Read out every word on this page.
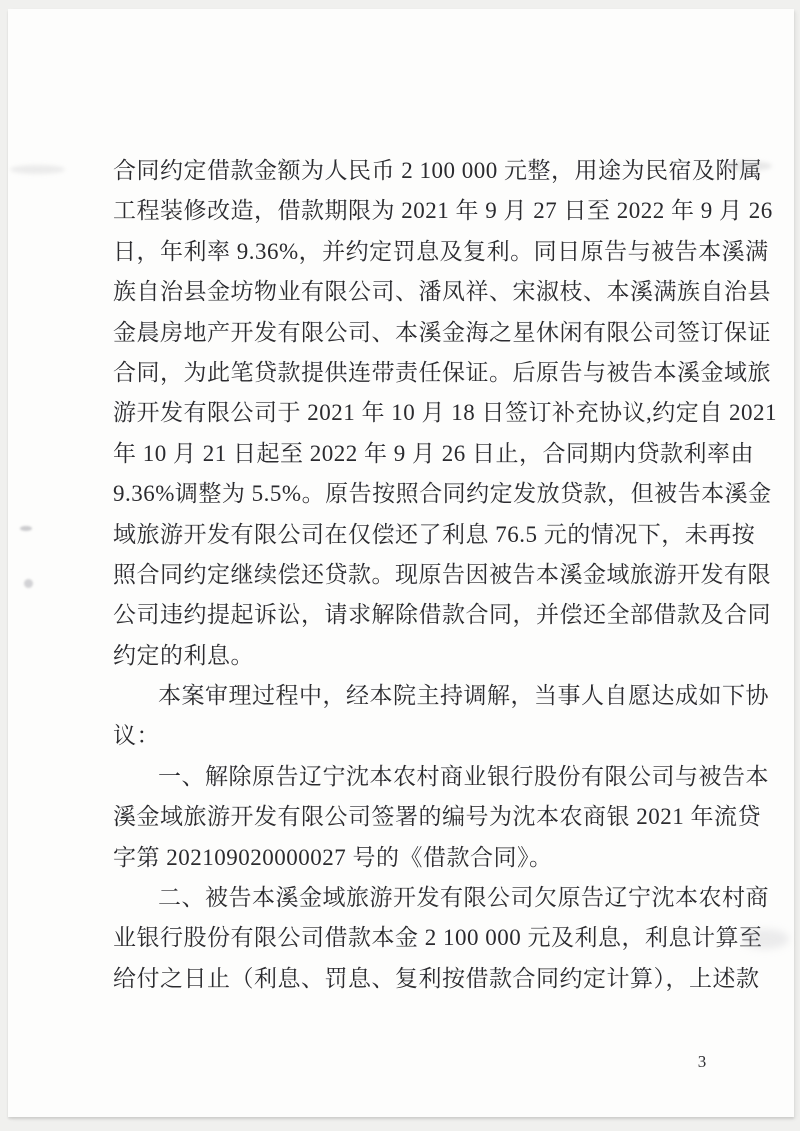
合同约定借款金额为人民币 2 100 000 元整，用途为民宿及附属

工程装修改造，借款期限为 2021 年 9 月 27 日至 2022 年 9 月 26

日，年利率 9.36%，并约定罚息及复利。同日原告与被告本溪满

族自治县金坊物业有限公司、潘凤祥、宋淑枝、本溪满族自治县

金晨房地产开发有限公司、本溪金海之星休闲有限公司签订保证

合同，为此笔贷款提供连带责任保证。后原告与被告本溪金域旅

游开发有限公司于 2021 年 10 月 18 日签订补充协议,约定自 2021

年 10 月 21 日起至 2022 年 9 月 26 日止，合同期内贷款利率由

9.36%调整为 5.5%。原告按照合同约定发放贷款，但被告本溪金

域旅游开发有限公司在仅偿还了利息 76.5 元的情况下，未再按

照合同约定继续偿还贷款。现原告因被告本溪金域旅游开发有限

公司违约提起诉讼，请求解除借款合同，并偿还全部借款及合同

约定的利息。

本案审理过程中，经本院主持调解，当事人自愿达成如下协

议：

一、解除原告辽宁沈本农村商业银行股份有限公司与被告本

溪金域旅游开发有限公司签署的编号为沈本农商银 2021 年流贷

字第 202109020000027 号的《借款合同》。

二、被告本溪金域旅游开发有限公司欠原告辽宁沈本农村商

业银行股份有限公司借款本金 2 100 000 元及利息，利息计算至

给付之日止（利息、罚息、复利按借款合同约定计算），上述款

3
